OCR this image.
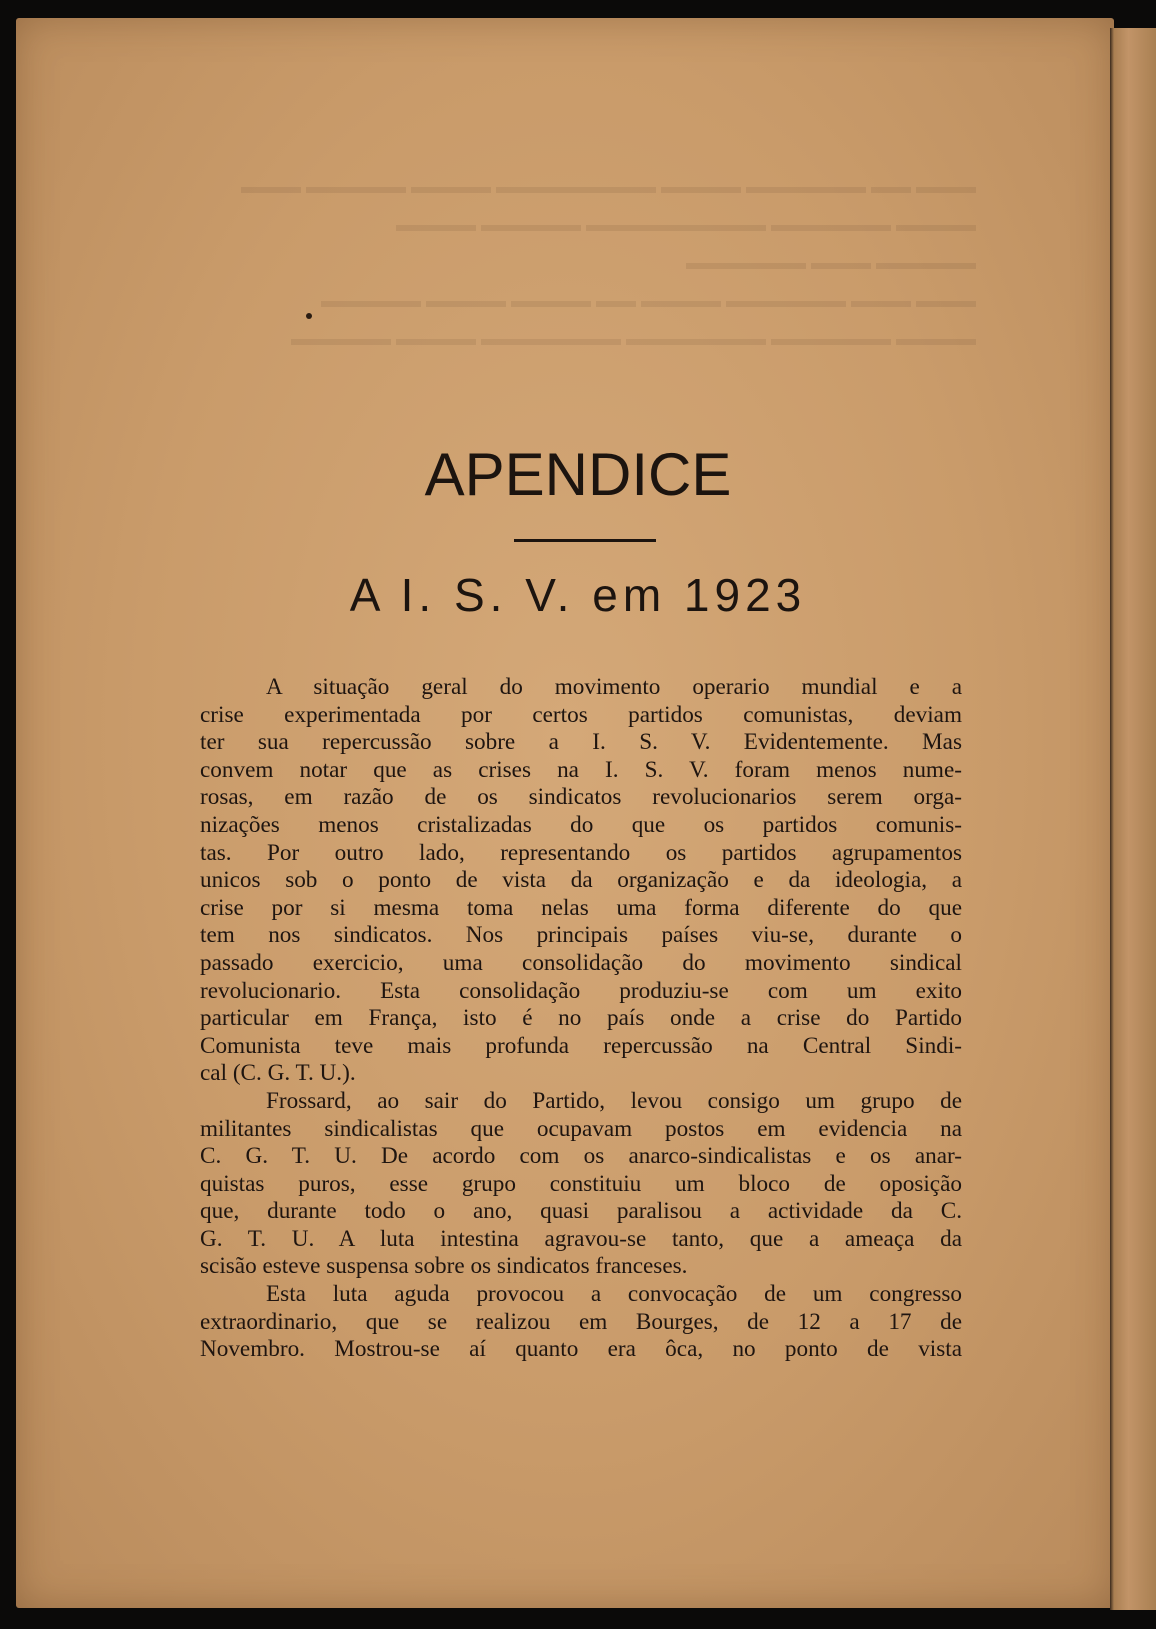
▬▬▬ ▬▬ ▬▬▬▬▬▬ ▬▬▬▬ ▬▬▬▬▬▬▬▬ ▬▬▬▬ ▬▬▬▬▬ ▬▬▬
▬▬▬▬ ▬▬▬▬▬▬ ▬▬▬▬▬▬▬▬▬ ▬▬▬▬▬ ▬▬▬▬
▬▬▬▬▬ ▬▬▬ ▬▬▬▬▬▬
▬▬▬ ▬▬▬ ▬▬▬▬▬▬ ▬▬▬▬ ▬▬ ▬▬▬▬ ▬▬▬▬ ▬▬▬▬▬
▬▬▬▬ ▬▬▬▬▬▬ ▬▬▬▬▬▬▬ ▬▬▬▬▬▬▬ ▬▬▬▬ ▬▬▬▬▬
APENDICE
A I. S. V. em 1923

A situação geral do movimento operario mundial e a
crise experimentada por certos partidos comunistas, deviam
ter sua repercussão sobre a I. S. V. Evidentemente. Mas
convem notar que as crises na I. S. V. foram menos nume-
rosas, em razão de os sindicatos revolucionarios serem orga-
nizações menos cristalizadas do que os partidos comunis-
tas. Por outro lado, representando os partidos agrupamentos
unicos sob o ponto de vista da organização e da ideologia, a
crise por si mesma toma nelas uma forma diferente do que
tem nos sindicatos. Nos principais países viu-se, durante o
passado exercicio, uma consolidação do movimento sindical
revolucionario. Esta consolidação produziu-se com um exito
particular em França, isto é no país onde a crise do Partido
Comunista teve mais profunda repercussão na Central Sindi-
cal (C. G. T. U.).

Frossard, ao sair do Partido, levou consigo um grupo de
militantes sindicalistas que ocupavam postos em evidencia na
C. G. T. U. De acordo com os anarco-sindicalistas e os anar-
quistas puros, esse grupo constituiu um bloco de oposição
que, durante todo o ano, quasi paralisou a actividade da C.
G. T. U. A luta intestina agravou-se tanto, que a ameaça da
scisão esteve suspensa sobre os sindicatos franceses.

Esta luta aguda provocou a convocação de um congresso
extraordinario, que se realizou em Bourges, de 12 a 17 de
Novembro. Mostrou-se aí quanto era ôca, no ponto de vista
